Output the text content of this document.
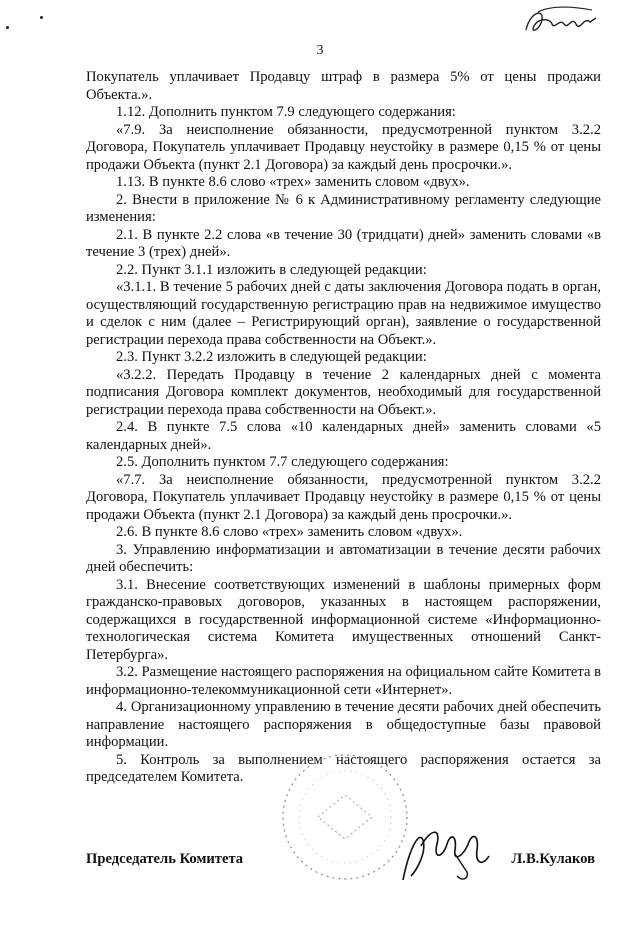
3

Покупатель уплачивает Продавцу штраф в размера 5% от цены продажи Объекта.».

1.12. Дополнить пунктом 7.9 следующего содержания:

«7.9. За неисполнение обязанности, предусмотренной пунктом 3.2.2 Договора, Покупатель уплачивает Продавцу неустойку в размере 0,15 % от цены продажи Объекта (пункт 2.1 Договора) за каждый день просрочки.».

1.13. В пункте 8.6 слово «трех» заменить словом «двух».

2. Внести в приложение № 6 к Административному регламенту следующие изменения:

2.1. В пункте 2.2 слова «в течение 30 (тридцати) дней» заменить словами «в течение 3 (трех) дней».

2.2. Пункт 3.1.1 изложить в следующей редакции:

«3.1.1. В течение 5 рабочих дней с даты заключения Договора подать в орган, осуществляющий государственную регистрацию прав на недвижимое имущество и сделок с ним (далее – Регистрирующий орган), заявление о государственной регистрации перехода права собственности на Объект.».

2.3. Пункт 3.2.2 изложить в следующей редакции:

«3.2.2. Передать Продавцу в течение 2 календарных дней с момента подписания Договора комплект документов, необходимый для государственной регистрации перехода права собственности на Объект.».

2.4. В пункте 7.5 слова «10 календарных дней» заменить словами «5 календарных дней».

2.5. Дополнить пунктом 7.7 следующего содержания:

«7.7. За неисполнение обязанности, предусмотренной пунктом 3.2.2 Договора, Покупатель уплачивает Продавцу неустойку в размере 0,15 % от цены продажи Объекта (пункт 2.1 Договора) за каждый день просрочки.».

2.6. В пункте 8.6 слово «трех» заменить словом «двух».

3. Управлению информатизации и автоматизации в течение десяти рабочих дней обеспечить:

3.1. Внесение соответствующих изменений в шаблоны примерных форм гражданско-правовых договоров, указанных в настоящем распоряжении, содержащихся в государственной информационной системе «Информационно-технологическая система Комитета имущественных отношений Санкт-Петербурга».

3.2. Размещение настоящего распоряжения на официальном сайте Комитета в информационно-телекоммуникационной сети «Интернет».

4. Организационному управлению в течение десяти рабочих дней обеспечить направление настоящего распоряжения в общедоступные базы правовой информации.

5. Контроль за выполнением настоящего распоряжения остается за председателем Комитета.

Председатель Комитета	Л.В.Кулаков
